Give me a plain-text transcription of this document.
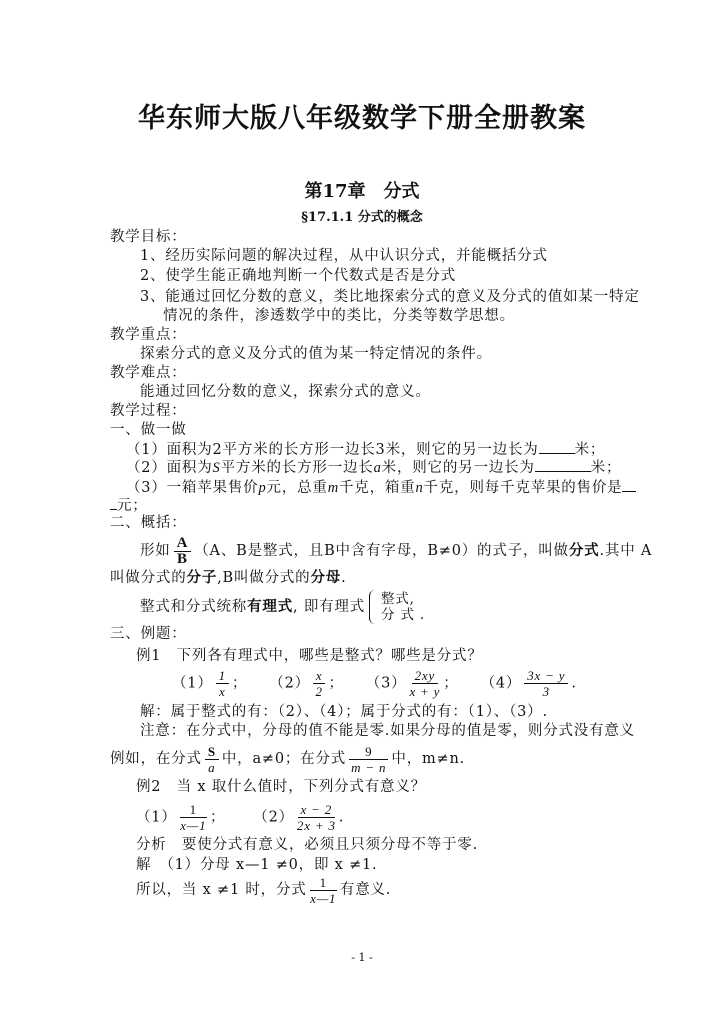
华东师大版八年级数学下册全册教案
第17章　分式
§17.1.1 分式的概念
教学目标：
1、经历实际问题的解决过程，从中认识分式，并能概括分式
2、使学生能正确地判断一个代数式是否是分式
3、能通过回忆分数的意义，类比地探索分式的意义及分式的值如某一特定
情况的条件，渗透数学中的类比，分类等数学思想。
教学重点：
探索分式的意义及分式的值为某一特定情况的条件。
教学难点：
能通过回忆分数的意义，探索分式的意义。
教学过程：
一、做一做
（1）面积为2平方米的长方形一边长3米，则它的另一边长为 米；
（2）面积为S平方米的长方形一边长a米，则它的另一边长为	米；
（3）一箱苹果售价p元，总重m千克，箱重n千克，则每千克苹果的售价是
元；
二、概括：
形如 $\frac{A}{B} (A$、B是整式，且B中含有字母，B≠0）的式子，叫做 分式 .其中 A
叫做分式的分子,B叫做分式的分母.
整式和分式统称 有理式 , 即有理式 整式,
分 式 .
三、例题：
例1　下列各有理式中，哪些是整式？哪些是分式？
$(1) \frac{1}{x}$ ； $(2) \frac{x}{2}$ ； $(3) \frac{2xy}{x + y}$ ； $(4) \frac{3x - y}{3}$ .
解：属于整式的有：（2）、（4）；属于分式的有：（1）、（3）.
注意：在分式中，分母的值不能是零.如果分母的值是零，则分式没有意义
例如，在分式 $\frac{S}{a}$ 中，a≠0；在分式 $\frac{9}{m - n}$ 中，m≠n.
例2　当 x 取什么值时，下列分式有意义？
$(1) \frac{1}{x—1}$ ； $(2) \frac{x - 2}{2x + 3}$ .
分析　要使分式有意义，必须且只须分母不等于零.
解　（1）分母 x—1 ≠0，即 x ≠1.
所以，当 x ≠1 时，分式 $\frac{1}{x—1}$ 有意义.
- 1 -
